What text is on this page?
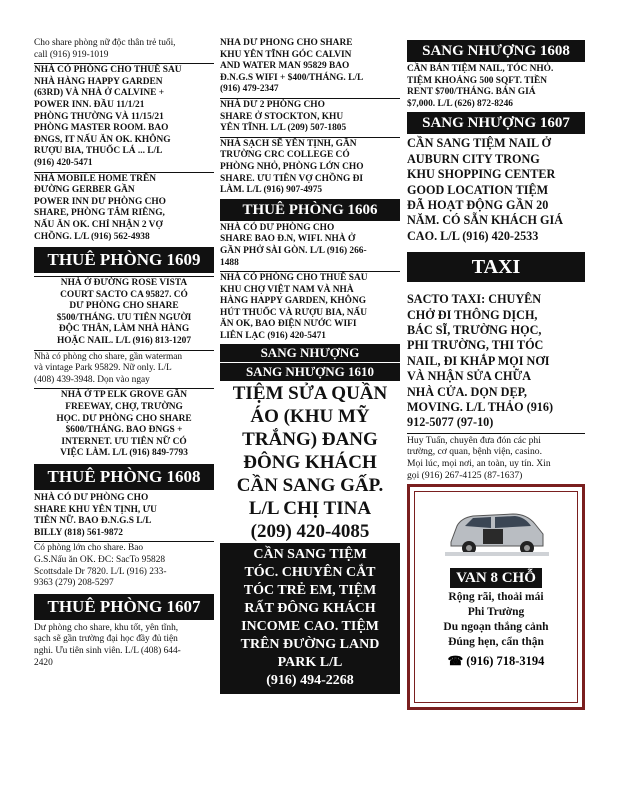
Cho share phòng nữ độc thân trẻ tuổi,
call (916) 919-1019

NHÀ CÓ PHÒNG CHO THUÊ SAU
NHÀ HÀNG HAPPY GARDEN
(63RD) VÀ NHÀ Ở CALVINE +
POWER INN. ĐẦU 11/1/21
PHÒNG THƯỜNG VÀ 11/15/21
PHÒNG MASTER ROOM. BAO
ĐNGS, IT NẤU ĂN OK. KHÔNG
RƯỢU BIA, THUỐC LÁ ... L/L
(916) 420-5471

NHÀ MOBILE HOME TRÊN
ĐƯỜNG GERBER GẦN
POWER INN DƯ PHÒNG CHO
SHARE, PHÒNG TẮM RIÊNG,
NẤU ĂN OK. CHỈ NHẬN 2 VỢ
CHỒNG. L/L (916) 562-4938

THUÊ PHÒNG 1609

NHÀ Ở ĐƯỜNG ROSE VISTA
COURT SACTO CA 95827. CÓ
DƯ PHÒNG CHO SHARE
$500/THÁNG. ƯU TIÊN NGƯỜI
ĐỘC THÂN, LÀM NHÀ HÀNG
HOẶC NAIL. L/L (916) 813-1207

Nhà có phòng cho share, gần waterman
và vintage Park 95829. Nữ only. L/L
(408) 439-3948. Dọn vào ngay

NHÀ Ở TP ELK GROVE GẦN
FREEWAY, CHỢ, TRƯỜNG
HỌC. DƯ PHÒNG CHO SHARE
$600/THÁNG. BAO ĐNGS +
INTERNET. ƯU TIÊN NỮ CÓ
VIỆC LÀM. L/L (916) 849-7793

THUÊ PHÒNG 1608

NHÀ CÓ DƯ PHÒNG CHO
SHARE KHU YÊN TỊNH, ƯU
TIÊN NỮ. BAO Đ.N.G.S L/L
BILLY (818) 561-9872

Có phòng lớn cho share. Bao
G.S.Nấu ăn OK. ĐC: SacTo 95828
Scottsdale Dr 7820. L/L (916) 233-
9363 (279) 208-5297

THUÊ PHÒNG 1607

Dư phòng cho share, khu tốt, yên tĩnh,
sạch sẽ gần trường đại học đầy đủ tiện
nghi. Ưu tiên sinh viên. L/L (408) 644-
2420

NHÀ DƯ PHÒNG CHO SHARE
KHU YÊN TĨNH GÓC CALVIN
AND WATER MAN 95829 BAO
Đ.N.G.S WIFI + $400/THÁNG. L/L
(916) 479-2347

NHÀ DƯ 2 PHÒNG CHO
SHARE Ở STOCKTON, KHU
YÊN TĨNH. L/L (209) 507-1805

NHÀ SẠCH SẼ YÊN TỊNH, GẦN
TRƯỜNG CRC COLLEGE CÓ
PHÒNG NHỎ, PHÒNG LỚN CHO
SHARE. ƯU TIÊN VỢ CHỒNG ĐI
LÀM. L/L (916) 907-4975

THUÊ PHÒNG 1606

NHÀ CÓ DƯ PHÒNG CHO
SHARE BAO Đ.N, WIFI. NHÀ Ở
GẦN PHỞ SÀI GÒN. L/L (916) 266-
1488

NHÀ CÓ PHÒNG CHO THUÊ SAU
KHU CHỢ VIỆT NAM VÀ NHÀ
HÀNG HAPPY GARDEN, KHÔNG
HÚT THUỐC VÀ RƯỢU BIA, NẤU
ĂN OK, BAO ĐIỆN NƯỚC WIFI
LIÊN LẠC (916) 420-5471

SANG NHƯỢNG
SANG NHƯỢNG 1610

TIỆM SỬA QUẦN
ÁO (KHU MỸ
TRẮNG) ĐANG
ĐÔNG KHÁCH
CẦN SANG GẤP.
L/L CHỊ TINA
(209) 420-4085

CẦN SANG TIỆM
TÓC. CHUYÊN CẮT
TÓC TRẺ EM, TIỆM
RẤT ĐÔNG KHÁCH
INCOME CAO. TIỆM
TRÊN ĐƯỜNG LAND
PARK L/L
(916) 494-2268
SANG NHƯỢNG 1608

CẦN BÁN TIỆM NAIL, TÓC NHỎ.
TIỆM KHOẢNG 500 SQFT. TIỀN
RENT $700/THÁNG. BÁN GIÁ
$7,000. L/L (626) 872-8246

SANG NHƯỢNG 1607

CẦN SANG TIỆM NAIL Ở
AUBURN CITY TRONG
KHU SHOPPING CENTER
GOOD LOCATION TIỆM
ĐÃ HOẠT ĐỘNG GẦN 20
NĂM. CÓ SẴN KHÁCH GIÁ
CAO. L/L (916) 420-2533

TAXI

SACTO TAXI: CHUYÊN
CHỞ ĐI THÔNG DỊCH,
BÁC SĨ, TRƯỜNG HỌC,
PHI TRƯỜNG, THI TÓC
NAIL, ĐI KHẮP MỌI NƠI
VÀ NHẬN SỬA CHỮA
NHÀ CỬA. DỌN DẸP,
MOVING. L/L THẢO (916)
912-5077 (97-10)

Huy Tuấn, chuyên đưa đón các phi
trường, cơ quan, bệnh viện, casino.
Mọi lúc, mọi nơi, an toàn, uy tín. Xin
gọi (916) 267-4125 (87-1637)

VAN 8 CHỖ
Rộng rãi, thoải mái
Phi Trường
Du ngoạn thắng cảnh
Đúng hẹn, cẩn thận
☎ (916) 718-3194
